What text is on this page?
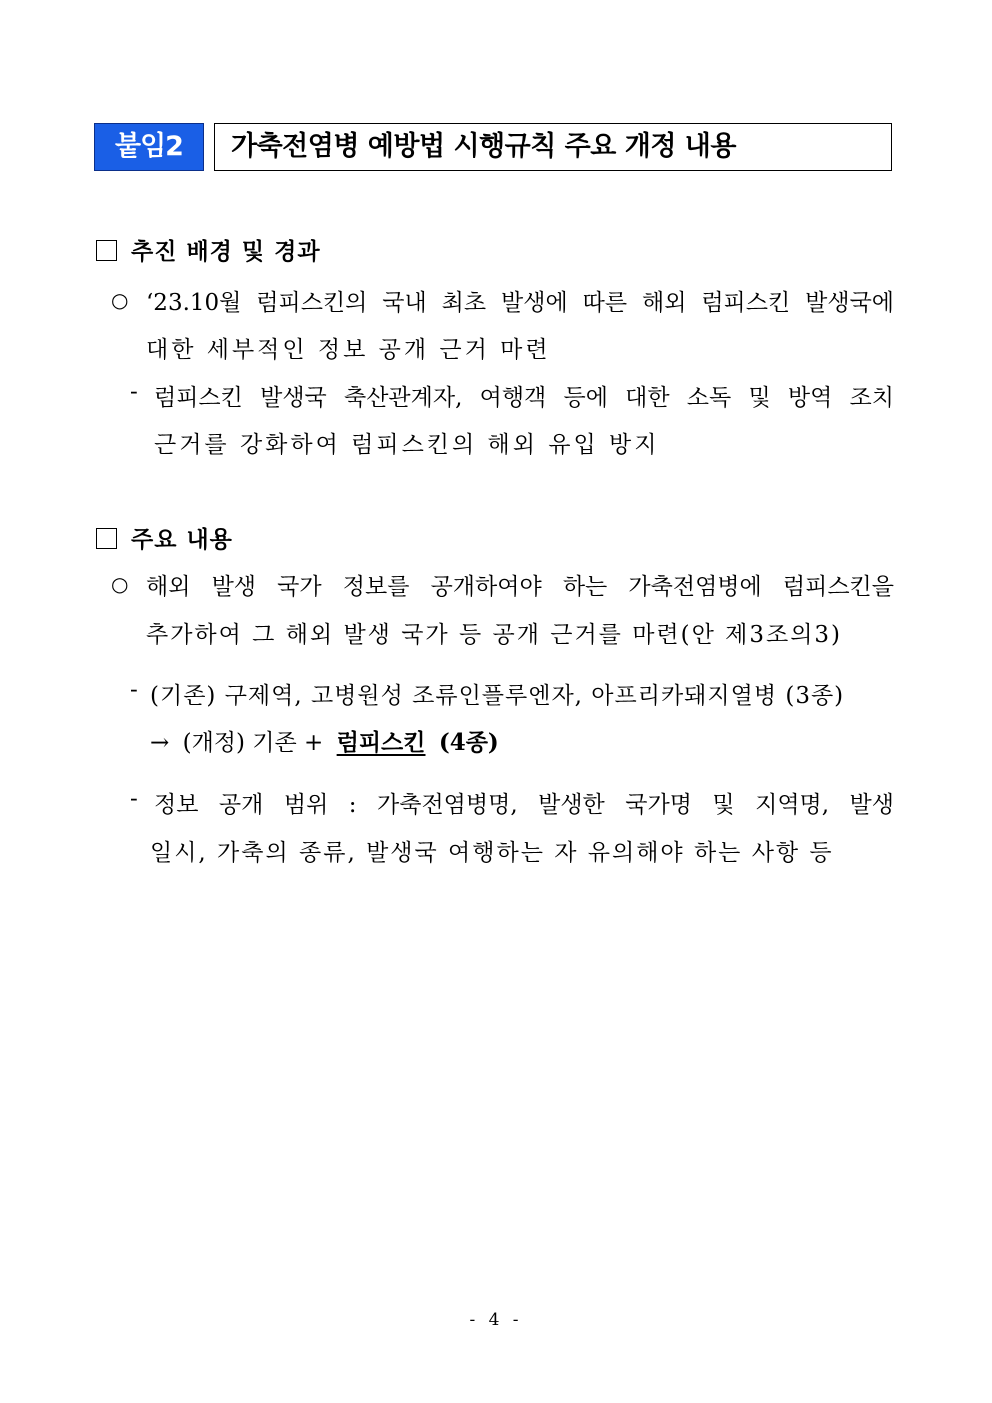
붙임2	가축전염병 예방법 시행규칙 주요 개정 내용
추진 배경 및 경과
○ ‘23.10월 럼피스킨의 국내 최초 발생에 따른 해외 럼피스킨 발생국에
대한 세부적인 정보 공개 근거 마련
- 럼피스킨 발생국 축산관계자, 여행객 등에 대한 소독 및 방역 조치
근거를 강화하여 럼피스킨의 해외 유입 방지
주요 내용
○ 해외 발생 국가 정보를 공개하여야 하는 가축전염병에 럼피스킨을
추가하여 그 해외 발생 국가 등 공개 근거를 마련(안 제3조의3)
- (기존) 구제역, 고병원성 조류인플루엔자, 아프리카돼지열병 (3종)
→ (개정) 기존 + 럼피스킨 (4종)
- 정보 공개 범위 : 가축전염병명, 발생한 국가명 및 지역명, 발생
일시, 가축의 종류, 발생국 여행하는 자 유의해야 하는 사항 등
- 4 -
